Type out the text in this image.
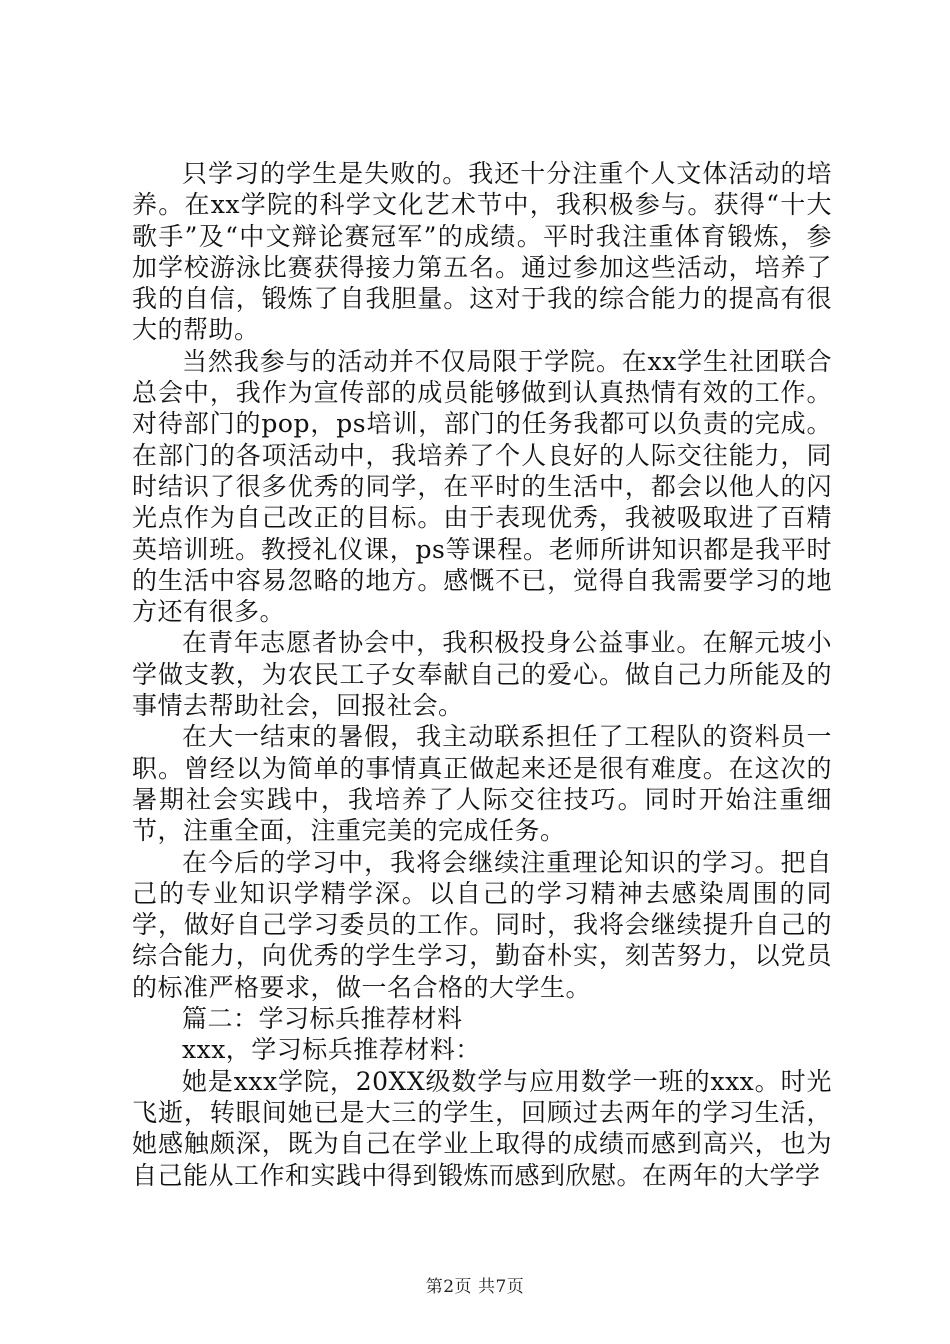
只学习的学生是失败的。我还十分注重个人文体活动的培养。在xx学院的科学文化艺术节中，我积极参与。获得“十大歌手”及“中文辩论赛冠军”的成绩。平时我注重体育锻炼，参加学校游泳比赛获得接力第五名。通过参加这些活动，培养了我的自信，锻炼了自我胆量。这对于我的综合能力的提高有很大的帮助。

当然我参与的活动并不仅局限于学院。在xx学生社团联合总会中，我作为宣传部的成员能够做到认真热情有效的工作。对待部门的pop，ps培训，部门的任务我都可以负责的完成。在部门的各项活动中，我培养了个人良好的人际交往能力，同时结识了很多优秀的同学，在平时的生活中，都会以他人的闪光点作为自己改正的目标。由于表现优秀，我被吸取进了百精英培训班。教授礼仪课，ps等课程。老师所讲知识都是我平时的生活中容易忽略的地方。感慨不已，觉得自我需要学习的地方还有很多。

在青年志愿者协会中，我积极投身公益事业。在解元坡小学做支教，为农民工子女奉献自己的爱心。做自己力所能及的事情去帮助社会，回报社会。

在大一结束的暑假，我主动联系担任了工程队的资料员一职。曾经以为简单的事情真正做起来还是很有难度。在这次的暑期社会实践中，我培养了人际交往技巧。同时开始注重细节，注重全面，注重完美的完成任务。

在今后的学习中，我将会继续注重理论知识的学习。把自己的专业知识学精学深。以自己的学习精神去感染周围的同学，做好自己学习委员的工作。同时，我将会继续提升自己的综合能力，向优秀的学生学习，勤奋朴实，刻苦努力，以党员的标准严格要求，做一名合格的大学生。

篇二：学习标兵推荐材料

xxx，学习标兵推荐材料：

她是xxx学院，20XX级数学与应用数学一班的xxx。时光飞逝，转眼间她已是大三的学生，回顾过去两年的学习生活，她感触颇深，既为自己在学业上取得的成绩而感到高兴，也为自己能从工作和实践中得到锻炼而感到欣慰。在两年的大学学

第2页 共7页
